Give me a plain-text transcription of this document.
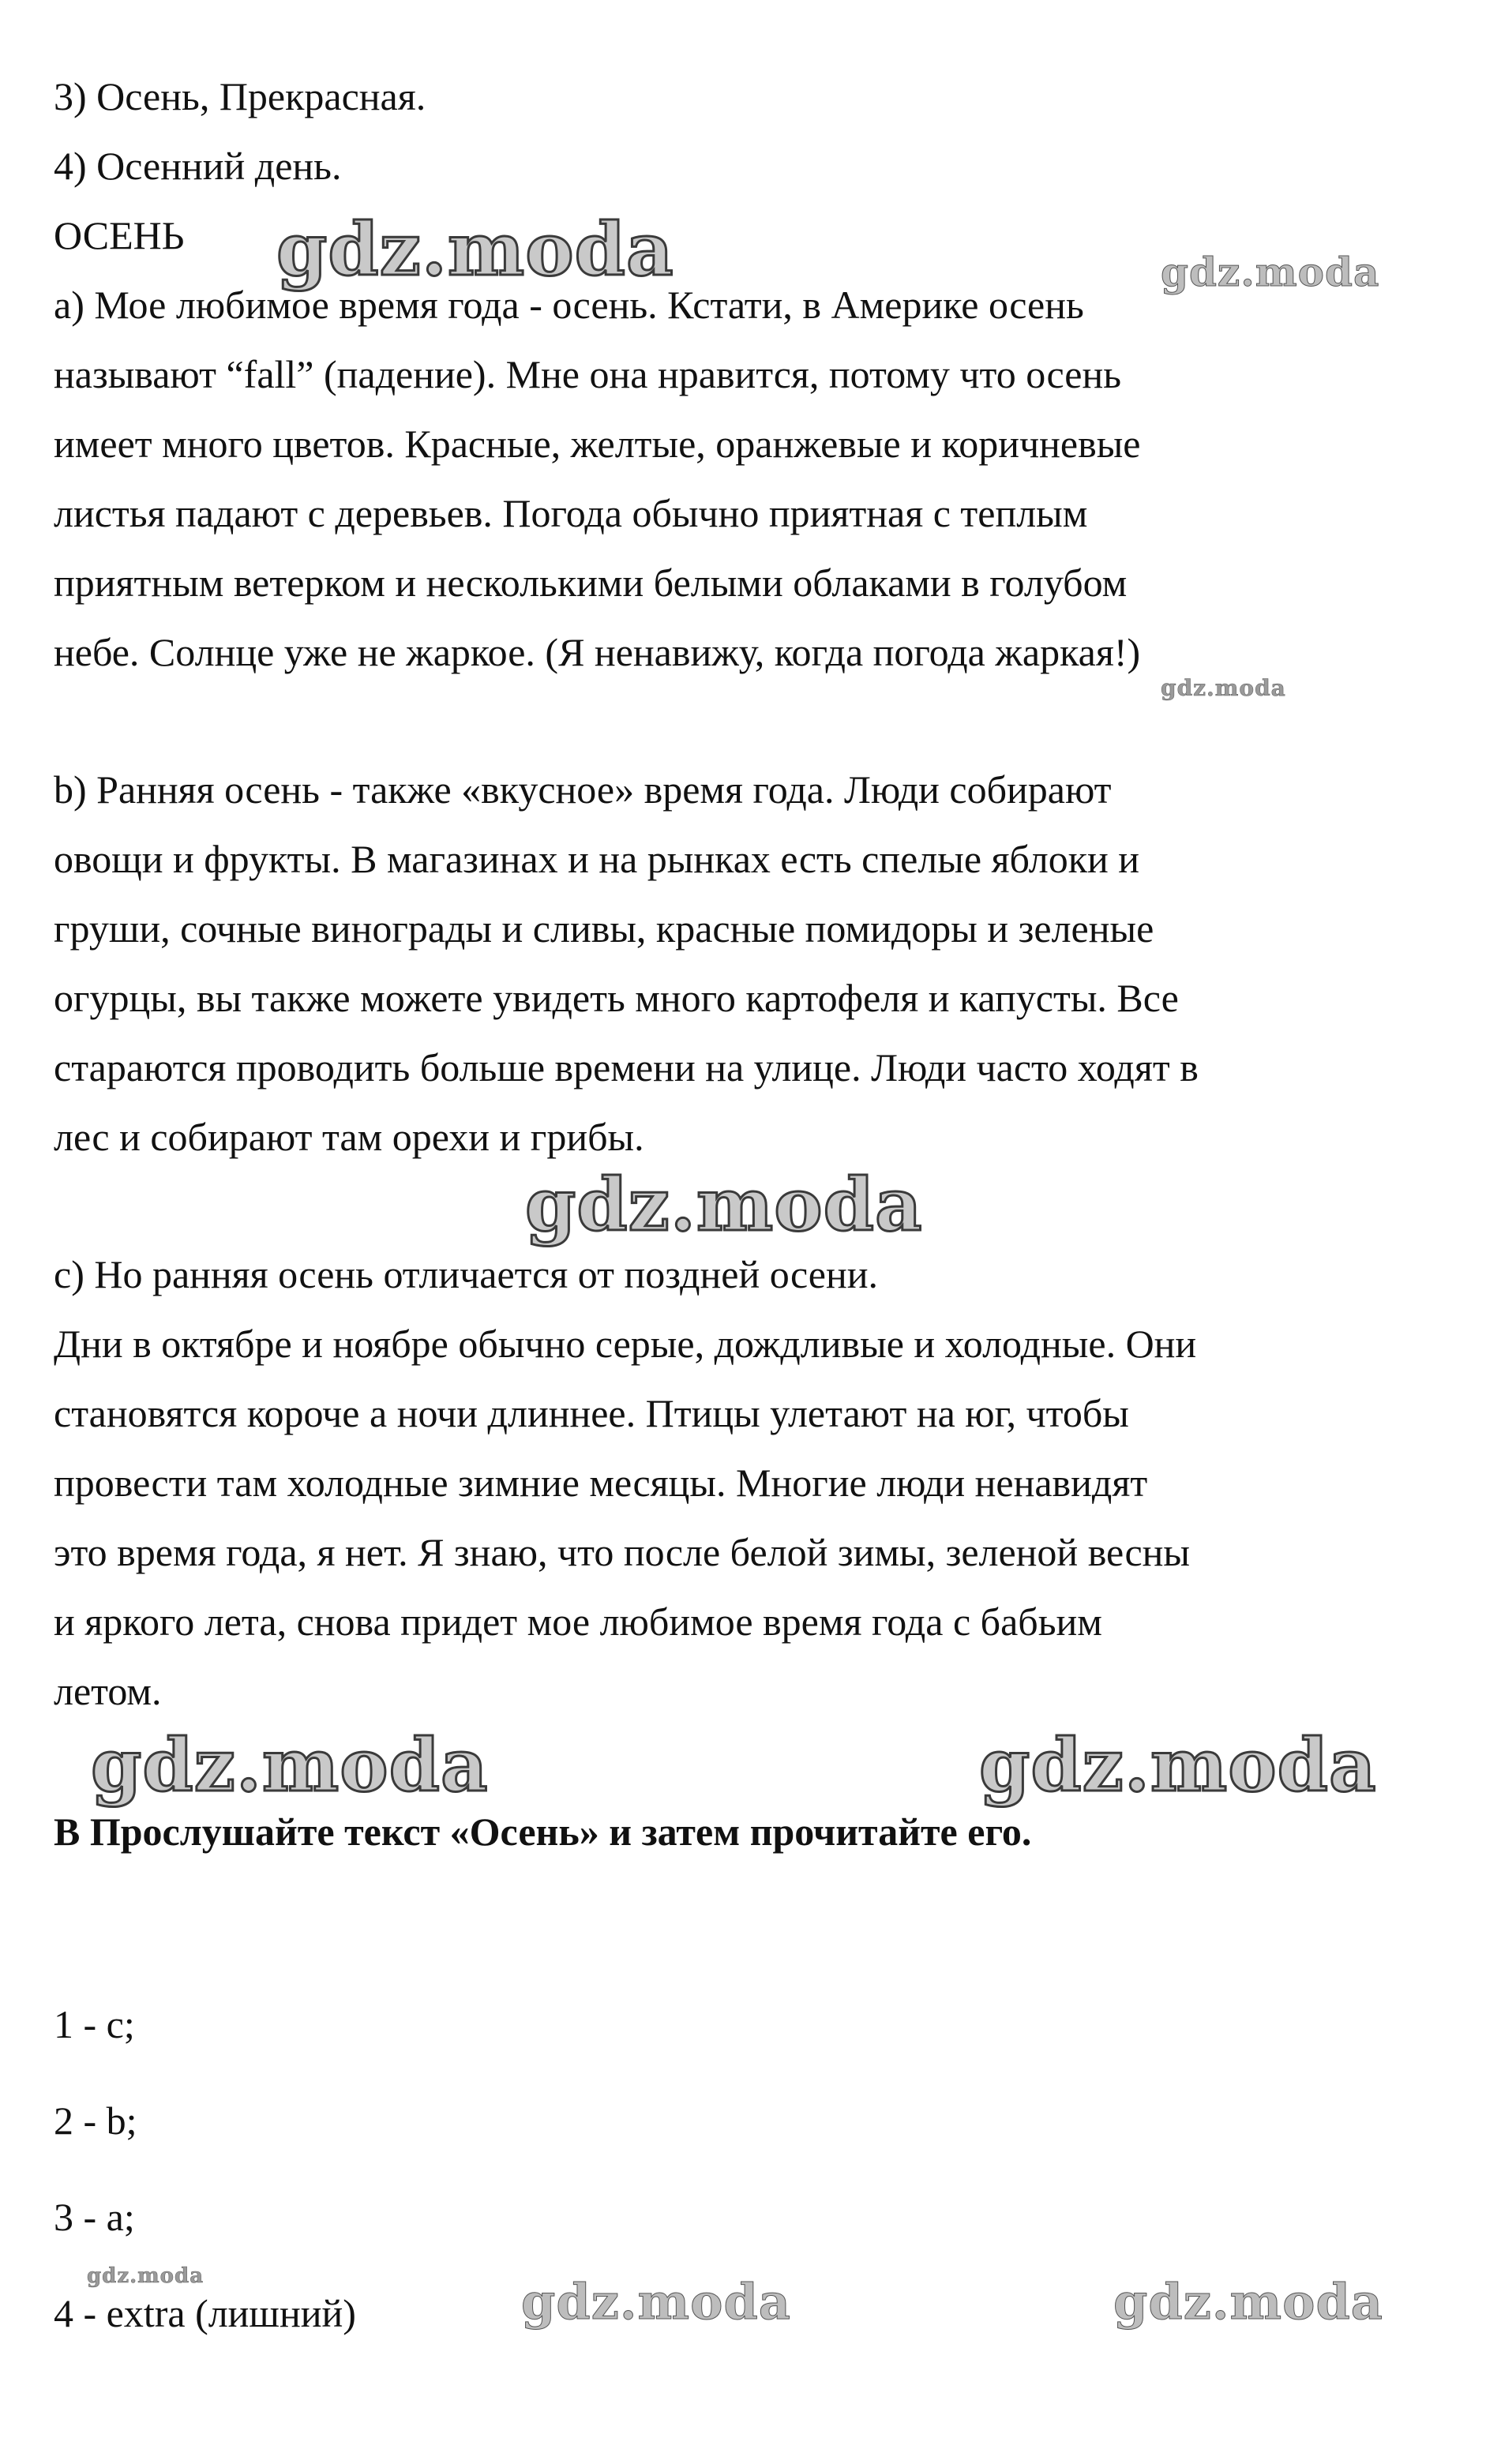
3) Осень, Прекрасная.
4) Осенний день.
ОСЕНЬ
a) Мое любимое время года - осень. Кстати, в Америке осень
называют “fall” (падение). Мне она нравится, потому что осень
имеет много цветов. Красные, желтые, оранжевые и коричневые
листья падают с деревьев. Погода обычно приятная с теплым
приятным ветерком и несколькими белыми облаками в голубом
небе. Солнце уже не жаркое. (Я ненавижу, когда погода жаркая!)
b) Ранняя осень - также «вкусное» время года. Люди собирают
овощи и фрукты. В магазинах и на рынках есть спелые яблоки и
груши, сочные винограды и сливы, красные помидоры и зеленые
огурцы, вы также можете увидеть много картофеля и капусты. Все
стараются проводить больше времени на улице. Люди часто ходят в
лес и собирают там орехи и грибы.
c) Но ранняя осень отличается от поздней осени.
Дни в октябре и ноябре обычно серые, дождливые и холодные. Они
становятся короче а ночи длиннее. Птицы улетают на юг, чтобы
провести там холодные зимние месяцы. Многие люди ненавидят
это время года, я нет. Я знаю, что после белой зимы, зеленой весны
и яркого лета, снова придет мое любимое время года с бабьим
летом.
В Прослушайте текст «Осень» и затем прочитайте его.
1 - c;
2 - b;
3 - a;
4 - extra (лишний)
gdz.moda	gdz.moda
gdz.moda
gdz.moda
gdz.moda	gdz.moda
gdz.moda	gdz.moda	gdz.moda
